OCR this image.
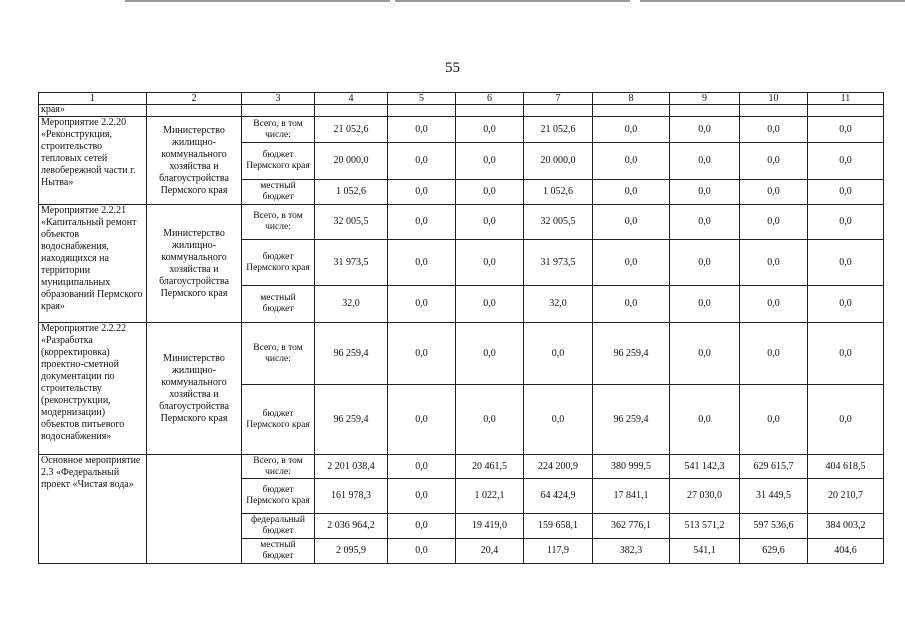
55
1	2	3	4	5	6	7	8	9	10	11
края»										
Мероприятие 2.2.20 «Реконструкция, строительство тепловых сетей левобережной части г. Нытва»	Министерство жилищно-коммунального хозяйства и благоустройства Пермского края	Всего, в том числе:	21 052,6	0,0	0,0	21 052,6	0,0	0,0	0,0	0,0
		бюджет Пермского края	20 000,0	0,0	0,0	20 000,0	0,0	0,0	0,0	0,0
		местный бюджет	1 052,6	0,0	0,0	1 052,6	0,0	0,0	0,0	0,0
Мероприятие 2.2.21 «Капитальный ремонт объектов водоснабжения, находящихся на территории муниципальных образований Пермского края»	Министерство жилищно-коммунального хозяйства и благоустройства Пермского края	Всего, в том числе:	32 005,5	0,0	0,0	32 005,5	0,0	0,0	0,0	0,0
		бюджет Пермского края	31 973,5	0,0	0,0	31 973,5	0,0	0,0	0,0	0,0
		местный бюджет	32,0	0,0	0,0	32,0	0,0	0,0	0,0	0,0
Мероприятие 2.2.22 «Разработка (корректировка) проектно-сметной документации по строительству (реконструкции, модернизации) объектов питьевого водоснабжения»	Министерство жилищно-коммунального хозяйства и благоустройства Пермского края	Всего, в том числе:	96 259,4	0,0	0,0	0,0	96 259,4	0,0	0,0	0,0
		бюджет Пермского края	96 259,4	0,0	0,0	0,0	96 259,4	0,0	0,0	0,0
Основное мероприятие 2.3 «Федеральный проект «Чистая вода»		Всего, в том числе:	2 201 038,4	0,0	20 461,5	224 200,9	380 999,5	541 142,3	629 615,7	404 618,5
		бюджет Пермского края	161 978,3	0,0	1 022,1	64 424,9	17 841,1	27 030,0	31 449,5	20 210,7
		федеральный бюджет	2 036 964,2	0,0	19 419,0	159 658,1	362 776,1	513 571,2	597 536,6	384 003,2
		местный бюджет	2 095,9	0,0	20,4	117,9	382,3	541,1	629,6	404,6
